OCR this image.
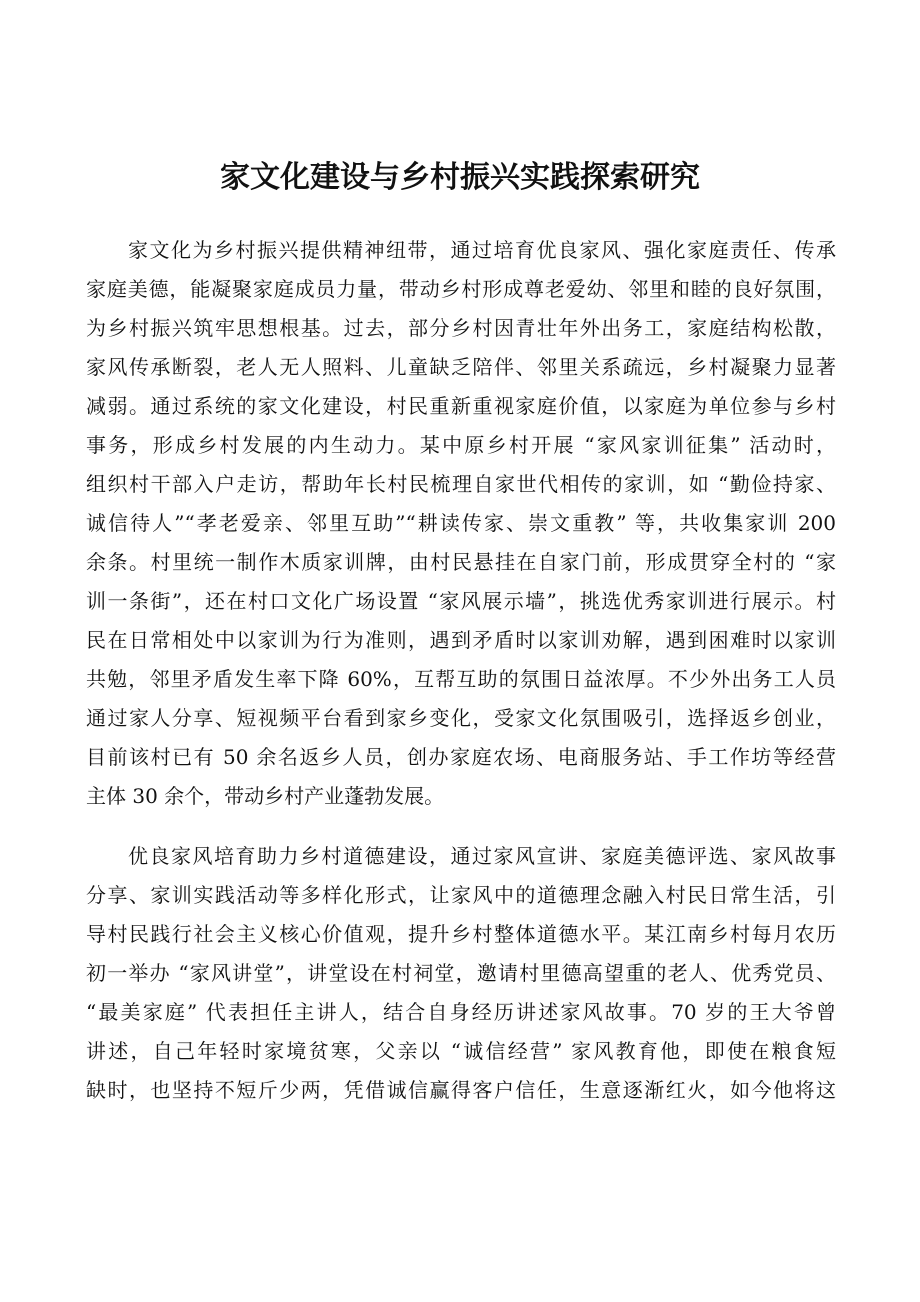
家文化建设与乡村振兴实践探索研究
家文化为乡村振兴提供精神纽带，通过培育优良家风、强化家庭责任、传承
家庭美德，能凝聚家庭成员力量，带动乡村形成尊老爱幼、邻里和睦的良好氛围，
为乡村振兴筑牢思想根基。过去，部分乡村因青壮年外出务工，家庭结构松散，
家风传承断裂，老人无人照料、儿童缺乏陪伴、邻里关系疏远，乡村凝聚力显著
减弱。通过系统的家文化建设，村民重新重视家庭价值，以家庭为单位参与乡村
事务，形成乡村发展的内生动力。某中原乡村开展 “家风家训征集” 活动时，
组织村干部入户走访，帮助年长村民梳理自家世代相传的家训，如 “勤俭持家、
诚信待人”“孝老爱亲、邻里互助”“耕读传家、崇文重教” 等，共收集家训 200
余条。村里统一制作木质家训牌，由村民悬挂在自家门前，形成贯穿全村的 “家
训一条街”，还在村口文化广场设置 “家风展示墙”，挑选优秀家训进行展示。村
民在日常相处中以家训为行为准则，遇到矛盾时以家训劝解，遇到困难时以家训
共勉，邻里矛盾发生率下降 60%，互帮互助的氛围日益浓厚。不少外出务工人员
通过家人分享、短视频平台看到家乡变化，受家文化氛围吸引，选择返乡创业，
目前该村已有 50 余名返乡人员，创办家庭农场、电商服务站、手工作坊等经营
主体 30 余个，带动乡村产业蓬勃发展。
优良家风培育助力乡村道德建设，通过家风宣讲、家庭美德评选、家风故事
分享、家训实践活动等多样化形式，让家风中的道德理念融入村民日常生活，引
导村民践行社会主义核心价值观，提升乡村整体道德水平。某江南乡村每月农历
初一举办 “家风讲堂”，讲堂设在村祠堂，邀请村里德高望重的老人、优秀党员、
“最美家庭” 代表担任主讲人，结合自身经历讲述家风故事。70 岁的王大爷曾
讲述，自己年轻时家境贫寒，父亲以 “诚信经营” 家风教育他，即使在粮食短
缺时，也坚持不短斤少两，凭借诚信赢得客户信任，生意逐渐红火，如今他将这
